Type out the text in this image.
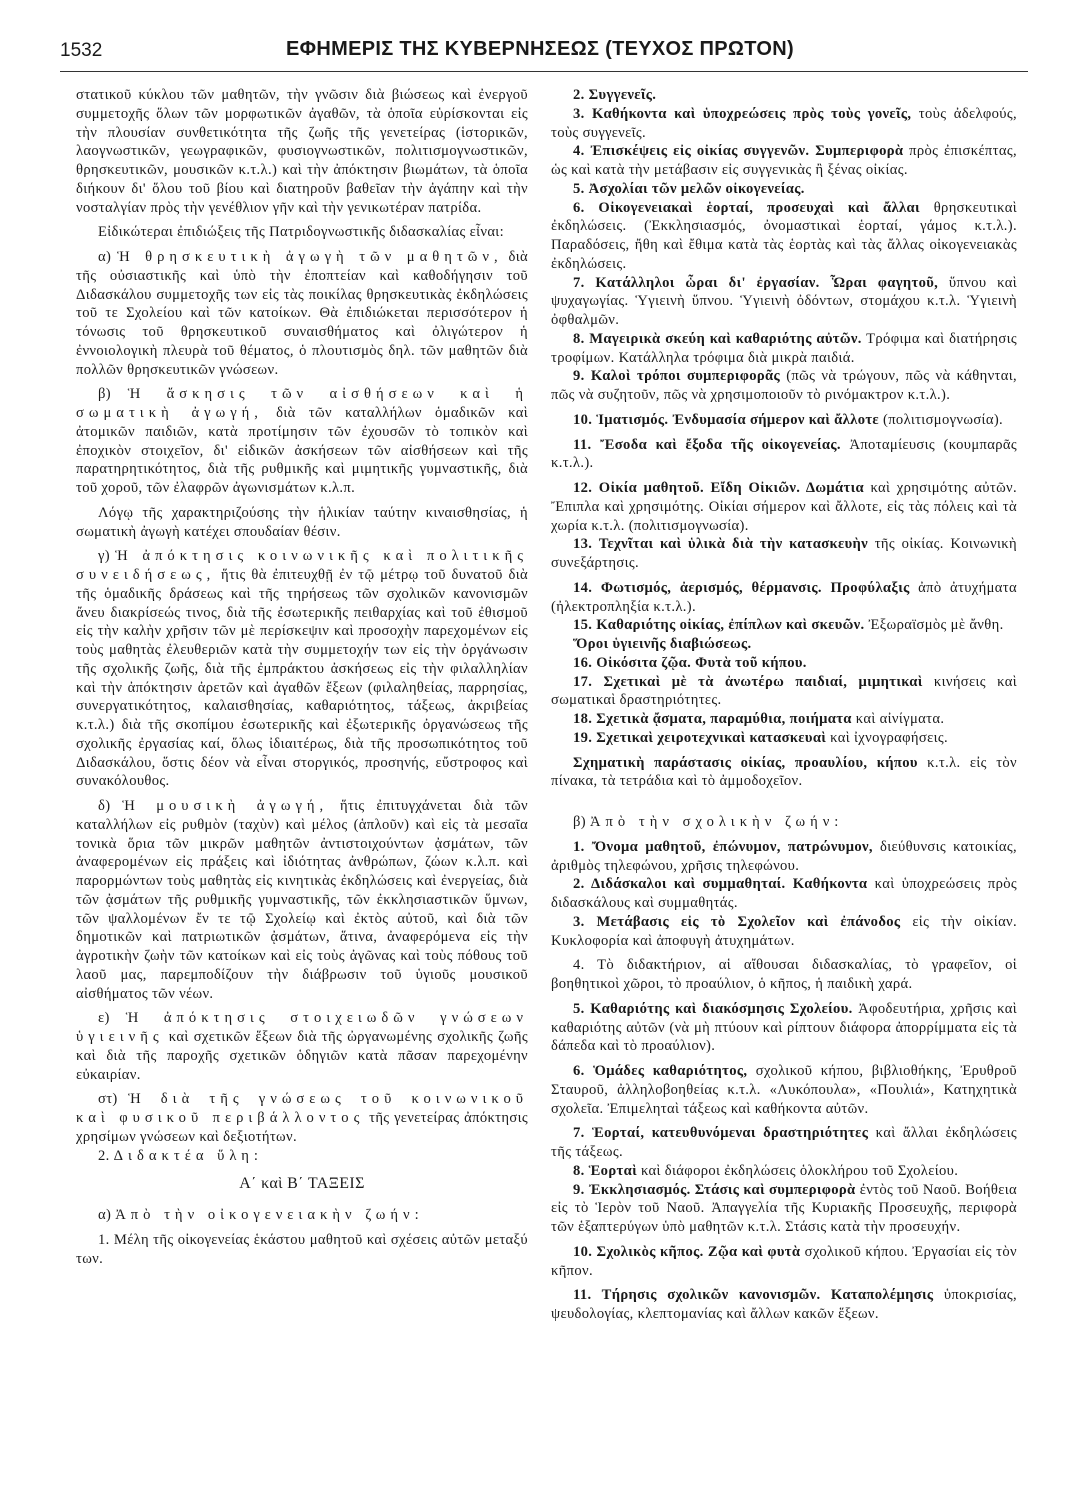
1532	ΕΦΗΜΕΡΙΣ ΤΗΣ ΚΥΒΕΡΝΗΣΕΩΣ (ΤΕΥΧΟΣ ΠΡΩΤΟΝ)

στατικοῦ κύκλου τῶν μαθητῶν, τὴν γνῶσιν διὰ βιώσεως καὶ ἐνεργοῦ συμμετοχῆς ὅλων τῶν μορφωτικῶν ἀγαθῶν, τὰ ὁποῖα εὑρίσκονται εἰς τὴν πλουσίαν συνθετικότητα τῆς ζωῆς τῆς γενετείρας (ἱστορικῶν, λαογνωστικῶν, γεωγραφικῶν, φυσιογνωστικῶν, πολιτισμογνωστικῶν, θρησκευτικῶν, μουσικῶν κ.τ.λ.) καὶ τὴν ἀπόκτησιν βιωμάτων, τὰ ὁποῖα διήκουν δι' ὅλου τοῦ βίου καὶ διατηροῦν βαθεῖαν τὴν ἀγάπην καὶ τὴν νοσταλγίαν πρὸς τὴν γενέθλιον γῆν καὶ τὴν γενικωτέραν πατρίδα.

Εἰδικώτεραι ἐπιδιώξεις τῆς Πατριδογνωστικῆς διδασκαλίας εἶναι:

α) Ἡ θρησκευτικὴ ἀγωγὴ τῶν μαθητῶν, διὰ τῆς οὐσιαστικῆς καὶ ὑπὸ τὴν ἐποπτείαν καὶ καθοδήγησιν τοῦ Διδασκάλου συμμετοχῆς των εἰς τὰς ποικίλας θρησκευτικὰς ἐκδηλώσεις τοῦ τε Σχολείου καὶ τῶν κατοίκων. Θὰ ἐπιδιώκεται περισσότερον ἡ τόνωσις τοῦ θρησκευτικοῦ συναισθήματος καὶ ὀλιγώτερον ἡ ἐννοιολογικὴ πλευρὰ τοῦ θέματος, ὁ πλουτισμὸς δηλ. τῶν μαθητῶν διὰ πολλῶν θρησκευτικῶν γνώσεων.

β) Ἡ ἄσκησις τῶν αἰσθήσεων καὶ ἡ σωματικὴ ἀγωγή, διὰ τῶν καταλλήλων ὁμαδικῶν καὶ ἀτομικῶν παιδιῶν, κατὰ προτίμησιν τῶν ἐχουσῶν τὸ τοπικὸν καὶ ἐποχικὸν στοιχεῖον, δι' εἰδικῶν ἀσκήσεων τῶν αἰσθήσεων καὶ τῆς παρατηρητικότητος, διὰ τῆς ρυθμικῆς καὶ μιμητικῆς γυμναστικῆς, διὰ τοῦ χοροῦ, τῶν ἐλαφρῶν ἀγωνισμάτων κ.λ.π.

Λόγῳ τῆς χαρακτηριζούσης τὴν ἡλικίαν ταύτην κιναισθησίας, ἡ σωματικὴ ἀγωγὴ κατέχει σπουδαίαν θέσιν.

γ) Ἡ ἀπόκτησις κοινωνικῆς καὶ πολιτικῆς συνειδήσεως, ἥτις θὰ ἐπιτευχθῇ ἐν τῷ μέτρῳ τοῦ δυνατοῦ διὰ τῆς ὁμαδικῆς δράσεως καὶ τῆς τηρήσεως τῶν σχολικῶν κανονισμῶν ἄνευ διακρίσεώς τινος, διὰ τῆς ἐσωτερικῆς πειθαρχίας καὶ τοῦ ἐθισμοῦ εἰς τὴν καλὴν χρῆσιν τῶν μὲ περίσκεψιν καὶ προσοχὴν παρεχομένων εἰς τοὺς μαθητὰς ἐλευθεριῶν κατὰ τὴν συμμετοχήν των εἰς τὴν ὀργάνωσιν τῆς σχολικῆς ζωῆς, διὰ τῆς ἐμπράκτου ἀσκήσεως εἰς τὴν φιλαλληλίαν καὶ τὴν ἀπόκτησιν ἀρετῶν καὶ ἀγαθῶν ἕξεων (φιλαληθείας, παρρησίας, συνεργατικότητος, καλαισθησίας, καθαριότητος, τάξεως, ἀκριβείας κ.τ.λ.) διὰ τῆς σκοπίμου ἐσωτερικῆς καὶ ἐξωτερικῆς ὀργανώσεως τῆς σχολικῆς ἐργασίας καί, ὅλως ἰδιαιτέρως, διὰ τῆς προσωπικότητος τοῦ Διδασκάλου, ὅστις δέον νὰ εἶναι στοργικός, προσηνής, εὔστροφος καὶ συνακόλουθος.

δ) Ἡ μουσικὴ ἀγωγή, ἥτις ἐπιτυγχάνεται διὰ τῶν καταλλήλων εἰς ρυθμὸν (ταχὺν) καὶ μέλος (ἁπλοῦν) καὶ εἰς τὰ μεσαῖα τονικὰ ὅρια τῶν μικρῶν μαθητῶν ἀντιστοιχούντων ᾀσμάτων, τῶν ἀναφερομένων εἰς πράξεις καὶ ἰδιότητας ἀνθρώπων, ζώων κ.λ.π. καὶ παρορμώντων τοὺς μαθητὰς εἰς κινητικὰς ἐκδηλώσεις καὶ ἐνεργείας, διὰ τῶν ᾀσμάτων τῆς ρυθμικῆς γυμναστικῆς, τῶν ἐκκλησιαστικῶν ὕμνων, τῶν ψαλλομένων ἔν τε τῷ Σχολείῳ καὶ ἐκτὸς αὐτοῦ, καὶ διὰ τῶν δημοτικῶν καὶ πατριωτικῶν ᾀσμάτων, ἅτινα, ἀναφερόμενα εἰς τὴν ἀγροτικὴν ζωὴν τῶν κατοίκων καὶ εἰς τοὺς ἀγῶνας καὶ τοὺς πόθους τοῦ λαοῦ μας, παρεμποδίζουν τὴν διάβρωσιν τοῦ ὑγιοῦς μουσικοῦ αἰσθήματος τῶν νέων.

ε) Ἡ ἀπόκτησις στοιχειωδῶν γνώσεων ὑγιεινῆς καὶ σχετικῶν ἕξεων διὰ τῆς ὠργανωμένης σχολικῆς ζωῆς καὶ διὰ τῆς παροχῆς σχετικῶν ὁδηγιῶν κατὰ πᾶσαν παρεχομένην εὐκαιρίαν.

στ) Ἡ διὰ τῆς γνώσεως τοῦ κοινωνικοῦ καὶ φυσικοῦ περιβάλλοντος τῆς γενετείρας ἀπόκτησις χρησίμων γνώσεων καὶ δεξιοτήτων.

2. Διδακτέα ὕλη:

Α΄ καὶ Β΄ ΤΑΞΕΙΣ

α) Ἀπὸ τὴν οἰκογενειακὴν ζωήν:

1. Μέλη τῆς οἰκογενείας ἑκάστου μαθητοῦ καὶ σχέσεις αὐτῶν μεταξύ των.

2. Συγγενεῖς.

3. Καθήκοντα καὶ ὑποχρεώσεις πρὸς τοὺς γονεῖς, τοὺς ἀδελφούς, τοὺς συγγενεῖς.

4. Ἐπισκέψεις εἰς οἰκίας συγγενῶν. Συμπεριφορὰ πρὸς ἐπισκέπτας, ὡς καὶ κατὰ τὴν μετάβασιν εἰς συγγενικὰς ἢ ξένας οἰκίας.

5. Ἀσχολίαι τῶν μελῶν οἰκογενείας.

6. Οἰκογενειακαὶ ἑορταί, προσευχαὶ καὶ ἄλλαι θρησκευτικαὶ ἐκδηλώσεις. (Ἐκκλησιασμός, ὀνομαστικαὶ ἑορταί, γάμος κ.τ.λ.). Παραδόσεις, ἤθη καὶ ἔθιμα κατὰ τὰς ἑορτὰς καὶ τὰς ἄλλας οἰκογενειακὰς ἐκδηλώσεις.

7. Κατάλληλοι ὧραι δι' ἐργασίαν. Ὧραι φαγητοῦ, ὕπνου καὶ ψυχαγωγίας. Ὑγιεινὴ ὕπνου. Ὑγιεινὴ ὀδόντων, στομάχου κ.τ.λ. Ὑγιεινὴ ὀφθαλμῶν.

8. Μαγειρικὰ σκεύη καὶ καθαριότης αὐτῶν. Τρόφιμα καὶ διατήρησις τροφίμων. Κατάλληλα τρόφιμα διὰ μικρὰ παιδιά.

9. Καλοὶ τρόποι συμπεριφορᾶς (πῶς νὰ τρώγουν, πῶς νὰ κάθηνται, πῶς νὰ συζητοῦν, πῶς νὰ χρησιμοποιοῦν τὸ ρινόμακτρον κ.τ.λ.).

10. Ἱματισμός. Ἐνδυμασία σήμερον καὶ ἄλλοτε (πολιτισμογνωσία).

11. Ἔσοδα καὶ ἔξοδα τῆς οἰκογενείας. Ἀποταμίευσις (κουμπαρᾶς κ.τ.λ.).

12. Οἰκία μαθητοῦ. Εἴδη Οἰκιῶν. Δωμάτια καὶ χρησιμότης αὐτῶν. Ἔπιπλα καὶ χρησιμότης. Οἰκίαι σήμερον καὶ ἄλλοτε, εἰς τὰς πόλεις καὶ τὰ χωρία κ.τ.λ. (πολιτισμογνωσία).

13. Τεχνῖται καὶ ὑλικὰ διὰ τὴν κατασκευὴν τῆς οἰκίας. Κοινωνικὴ συνεξάρτησις.

14. Φωτισμός, ἀερισμός, θέρμανσις. Προφύλαξις ἀπὸ ἀτυχήματα (ἠλεκτροπληξία κ.τ.λ.).

15. Καθαριότης οἰκίας, ἐπίπλων καὶ σκευῶν. Ἐξωραϊσμὸς μὲ ἄνθη.

Ὅροι ὑγιεινῆς διαβιώσεως.

16. Οἰκόσιτα ζῷα. Φυτὰ τοῦ κήπου.

17. Σχετικαὶ μὲ τὰ ἀνωτέρω παιδιαί, μιμητικαὶ κινήσεις καὶ σωματικαὶ δραστηριότητες.

18. Σχετικὰ ᾄσματα, παραμύθια, ποιήματα καὶ αἰνίγματα.

19. Σχετικαὶ χειροτεχνικαὶ κατασκευαὶ καὶ ἰχνογραφήσεις.

Σχηματικὴ παράστασις οἰκίας, προαυλίου, κήπου κ.τ.λ. εἰς τὸν πίνακα, τὰ τετράδια καὶ τὸ ἀμμοδοχεῖον.

β) Ἀπὸ τὴν σχολικὴν ζωήν:

1. Ὄνομα μαθητοῦ, ἐπώνυμον, πατρώνυμον, διεύθυνσις κατοικίας, ἀριθμὸς τηλεφώνου, χρῆσις τηλεφώνου.

2. Διδάσκαλοι καὶ συμμαθηταί. Καθήκοντα καὶ ὑποχρεώσεις πρὸς διδασκάλους καὶ συμμαθητάς.

3. Μετάβασις εἰς τὸ Σχολεῖον καὶ ἐπάνοδος εἰς τὴν οἰκίαν. Κυκλοφορία καὶ ἀποφυγὴ ἀτυχημάτων.

4. Τὸ διδακτήριον, αἱ αἴθουσαι διδασκαλίας, τὸ γραφεῖον, οἱ βοηθητικοὶ χῶροι, τὸ προαύλιον, ὁ κῆπος, ἡ παιδικὴ χαρά.

5. Καθαριότης καὶ διακόσμησις Σχολείου. Ἀφοδευτήρια, χρῆσις καὶ καθαριότης αὐτῶν (νὰ μὴ πτύουν καὶ ρίπτουν διάφορα ἀπορρίμματα εἰς τὰ δάπεδα καὶ τὸ προαύλιον).

6. Ὁμάδες καθαριότητος, σχολικοῦ κήπου, βιβλιοθήκης, Ἐρυθροῦ Σταυροῦ, ἀλληλοβοηθείας κ.τ.λ. «Λυκόπουλα», «Πουλιά», Κατηχητικὰ σχολεῖα. Ἐπιμεληταὶ τάξεως καὶ καθήκοντα αὐτῶν.

7. Ἑορταί, κατευθυνόμεναι δραστηριότητες καὶ ἄλλαι ἐκδηλώσεις τῆς τάξεως.

8. Ἑορταὶ καὶ διάφοροι ἐκδηλώσεις ὁλοκλήρου τοῦ Σχολείου.

9. Ἐκκλησιασμός. Στάσις καὶ συμπεριφορὰ ἐντὸς τοῦ Ναοῦ. Βοήθεια εἰς τὸ Ἱερὸν τοῦ Ναοῦ. Ἀπαγγελία τῆς Κυριακῆς Προσευχῆς, περιφορὰ τῶν ἑξαπτερύγων ὑπὸ μαθητῶν κ.τ.λ. Στάσις κατὰ τὴν προσευχήν.

10. Σχολικὸς κῆπος. Ζῷα καὶ φυτὰ σχολικοῦ κήπου. Ἐργασίαι εἰς τὸν κῆπον.

11. Τήρησις σχολικῶν κανονισμῶν. Καταπολέμησις ὑποκρισίας, ψευδολογίας, κλεπτομανίας καὶ ἄλλων κακῶν ἕξεων.
